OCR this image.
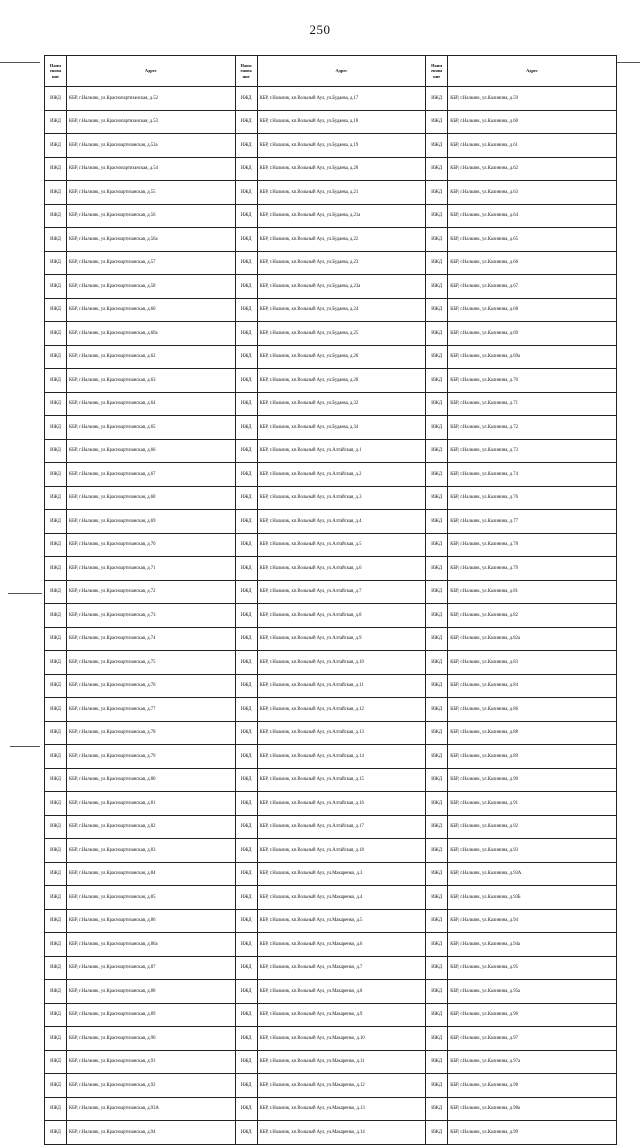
250
Наим енова ние	Адрес	Наим енова ние	Адрес	Наим енова ние	Адрес
ИЖД	КБР, г.Нальчик, ул.Краснопартизанская, д.52	ИЖД	КБР, г.Нальчик, кп.Вольный Аул, ул.Будаева, д.17	ИЖД	КБР, г.Нальчик, ул.Калинина, д.59
ИЖД	КБР, г.Нальчик, ул.Краснопартизанская, д.53	ИЖД	КБР, г.Нальчик, кп.Вольный Аул, ул.Будаева, д.18	ИЖД	КБР, г.Нальчик, ул.Калинина, д.60
ИЖД	КБР, г.Нальчик, ул.Красноартизанская, д.53а	ИЖД	КБР, г.Нальчик, кп.Вольный Аул, ул.Будаева, д.19	ИЖД	КБР, г.Нальчик, ул.Калинина, д.61
ИЖД	КБР, г.Нальчик, ул.Краснопартизанская, д.54	ИЖД	КБР, г.Нальчик, кп.Вольный Аул, ул.Будаева, д.20	ИЖД	КБР, г.Нальчик, ул.Калинина, д.62
ИЖД	КБР, г.Нальчик, ул.Красноартизанская, д.55	ИЖД	КБР, г.Нальчик, кп.Вольный Аул, ул.Будаева, д.21	ИЖД	КБР, г.Нальчик, ул.Калинина, д.63
ИЖД	КБР, г.Нальчик, ул.Красноартизанская, д.56	ИЖД	КБР, г.Нальчик, кп.Вольный Аул, ул.Будаева, д.21а	ИЖД	КБР, г.Нальчик, ул.Калинина, д.64
ИЖД	КБР, г.Нальчик, ул.Красноартизанская, д.56а	ИЖД	КБР, г.Нальчик, кп.Вольный Аул, ул.Будаева, д.22	ИЖД	КБР, г.Нальчик, ул.Калинина, д.65
ИЖД	КБР, г.Нальчик, ул.Красноартизанская, д.57	ИЖД	КБР, г.Нальчик, кп.Вольный Аул, ул.Будаева, д.23	ИЖД	КБР, г.Нальчик, ул.Калинина, д.66
ИЖД	КБР, г.Нальчик, ул.Красноартизанская, д.58	ИЖД	КБР, г.Нальчик, кп.Вольный Аул, ул.Будаева, д.23а	ИЖД	КБР, г.Нальчик, ул.Калинина, д.67
ИЖД	КБР, г.Нальчик, ул.Красноартизанская, д.60	ИЖД	КБР, г.Нальчик, кп.Вольный Аул, ул.Будаева, д.24	ИЖД	КБР, г.Нальчик, ул.Калинина, д.68
ИЖД	КБР, г.Нальчик, ул.Красноартизанская, д.60а	ИЖД	КБР, г.Нальчик, кп.Вольный Аул, ул.Будаева, д.25	ИЖД	КБР, г.Нальчик, ул.Калинина, д.69
ИЖД	КБР, г.Нальчик, ул.Красноартизанская, д.62	ИЖД	КБР, г.Нальчик, кп.Вольный Аул, ул.Будаева, д.26	ИЖД	КБР, г.Нальчик, ул.Калинина, д.69а
ИЖД	КБР, г.Нальчик, ул.Красноартизанская, д.63	ИЖД	КБР, г.Нальчик, кп.Вольный Аул, ул.Будаева, д.28	ИЖД	КБР, г.Нальчик, ул.Калинина, д.70
ИЖД	КБР, г.Нальчик, ул.Красноартизанская, д.64	ИЖД	КБР, г.Нальчик, кп.Вольный Аул, ул.Будаева, д.32	ИЖД	КБР, г.Нальчик, ул.Калинина, д.71
ИЖД	КБР, г.Нальчик, ул.Красноартизанская, д.65	ИЖД	КБР, г.Нальчик, кп.Вольный Аул, ул.Будаева, д.34	ИЖД	КБР, г.Нальчик, ул.Калинина, д.72
ИЖД	КБР, г.Нальчик, ул.Красноартизанская, д.66	ИЖД	КБР, г.Нальчик, кп.Вольный Аул, ул.Алтайская, д.1	ИЖД	КБР, г.Нальчик, ул.Калинина, д.73
ИЖД	КБР, г.Нальчик, ул.Красноартизанская, д.67	ИЖД	КБР, г.Нальчик, кп.Вольный Аул, ул.Алтайская, д.2	ИЖД	КБР, г.Нальчик, ул.Калинина, д.74
ИЖД	КБР, г.Нальчик, ул.Красноартизанская, д.68	ИЖД	КБР, г.Нальчик, кп.Вольный Аул, ул.Алтайская, д.3	ИЖД	КБР, г.Нальчик, ул.Калинина, д.76
ИЖД	КБР, г.Нальчик, ул.Красноартизанская, д.69	ИЖД	КБР, г.Нальчик, кп.Вольный Аул, ул.Алтайская, д.4	ИЖД	КБР, г.Нальчик, ул.Калинина, д.77
ИЖД	КБР, г.Нальчик, ул.Красноартизанская, д.70	ИЖД	КБР, г.Нальчик, кп.Вольный Аул, ул.Алтайская, д.5	ИЖД	КБР, г.Нальчик, ул.Калинина, д.78
ИЖД	КБР, г.Нальчик, ул.Красноартизанская, д.71	ИЖД	КБР, г.Нальчик, кп.Вольный Аул, ул.Алтайская, д.6	ИЖД	КБР, г.Нальчик, ул.Калинина, д.79
ИЖД	КБР, г.Нальчик, ул.Красноартизанская, д.72	ИЖД	КБР, г.Нальчик, кп.Вольный Аул, ул.Алтайская, д.7	ИЖД	КБР, г.Нальчик, ул.Калинина, д.81
ИЖД	КБР, г.Нальчик, ул.Красноартизанская, д.73	ИЖД	КБР, г.Нальчик, кп.Вольный Аул, ул.Алтайская, д.8	ИЖД	КБР, г.Нальчик, ул.Калинина, д.82
ИЖД	КБР, г.Нальчик, ул.Красноартизанская, д.74	ИЖД	КБР, г.Нальчик, кп.Вольный Аул, ул.Алтайская, д.9	ИЖД	КБР, г.Нальчик, ул.Калинина, д.82а
ИЖД	КБР, г.Нальчик, ул.Красноартизанская, д.75	ИЖД	КБР, г.Нальчик, кп.Вольный Аул, ул.Алтайская, д.10	ИЖД	КБР, г.Нальчик, ул.Калинина, д.83
ИЖД	КБР, г.Нальчик, ул.Красноартизанская, д.76	ИЖД	КБР, г.Нальчик, кп.Вольный Аул, ул.Алтайская, д.11	ИЖД	КБР, г.Нальчик, ул.Калинина, д.84
ИЖД	КБР, г.Нальчик, ул.Красноартизанская, д.77	ИЖД	КБР, г.Нальчик, кп.Вольный Аул, ул.Алтайская, д.12	ИЖД	КБР, г.Нальчик, ул.Калинина, д.86
ИЖД	КБР, г.Нальчик, ул.Красноартизанская, д.78	ИЖД	КБР, г.Нальчик, кп.Вольный Аул, ул.Алтайская, д.13	ИЖД	КБР, г.Нальчик, ул.Калинина, д.88
ИЖД	КБР, г.Нальчик, ул.Красноартизанская, д.79	ИЖД	КБР, г.Нальчик, кп.Вольный Аул, ул.Алтайская, д.14	ИЖД	КБР, г.Нальчик, ул.Калинина, д.89
ИЖД	КБР, г.Нальчик, ул.Красноартизанская, д.80	ИЖД	КБР, г.Нальчик, кп.Вольный Аул, ул.Алтайская, д.15	ИЖД	КБР, г.Нальчик, ул.Калинина, д.90
ИЖД	КБР, г.Нальчик, ул.Красноартизанская, д.81	ИЖД	КБР, г.Нальчик, кп.Вольный Аул, ул.Алтайская, д.16	ИЖД	КБР, г.Нальчик, ул.Калинина, д.91
ИЖД	КБР, г.Нальчик, ул.Красноартизанская, д.82	ИЖД	КБР, г.Нальчик, кп.Вольный Аул, ул.Алтайская, д.17	ИЖД	КБР, г.Нальчик, ул.Калинина, д.92
ИЖД	КБР, г.Нальчик, ул.Красноартизанская, д.83	ИЖД	КБР, г.Нальчик, кп.Вольный Аул, ул.Алтайская, д.18	ИЖД	КБР, г.Нальчик, ул.Калинина, д.93
ИЖД	КБР, г.Нальчик, ул.Красноартизанская, д.84	ИЖД	КБР, г.Нальчик, кп.Вольный Аул, ул.Макаренко, д.3	ИЖД	КБР, г.Нальчик, ул.Калинина, д.93А
ИЖД	КБР, г.Нальчик, ул.Красноартизанская, д.85	ИЖД	КБР, г.Нальчик, кп.Вольный Аул, ул.Макаренко, д.4	ИЖД	КБР, г.Нальчик, ул.Калинина, д.93Б
ИЖД	КБР, г.Нальчик, ул.Красноартизанская, д.86	ИЖД	КБР, г.Нальчик, кп.Вольный Аул, ул.Макаренко, д.5	ИЖД	КБР, г.Нальчик, ул.Калинина, д.94
ИЖД	КБР, г.Нальчик, ул.Красноартизанская, д.86а	ИЖД	КБР, г.Нальчик, кп.Вольный Аул, ул.Макаренко, д.6	ИЖД	КБР, г.Нальчик, ул.Калинина, д.94а
ИЖД	КБР, г.Нальчик, ул.Красноартизанская, д.87	ИЖД	КБР, г.Нальчик, кп.Вольный Аул, ул.Макаренко, д.7	ИЖД	КБР, г.Нальчик, ул.Калинина, д.95
ИЖД	КБР, г.Нальчик, ул.Красноартизанская, д.88	ИЖД	КБР, г.Нальчик, кп.Вольный Аул, ул.Макаренко, д.8	ИЖД	КБР, г.Нальчик, ул.Калинина, д.95а
ИЖД	КБР, г.Нальчик, ул.Красноартизанская, д.89	ИЖД	КБР, г.Нальчик, кп.Вольный Аул, ул.Макаренко, д.9	ИЖД	КБР, г.Нальчик, ул.Калинина, д.96
ИЖД	КБР, г.Нальчик, ул.Красноартизанская, д.90	ИЖД	КБР, г.Нальчик, кп.Вольный Аул, ул.Макаренко, д.10	ИЖД	КБР, г.Нальчик, ул.Калинина, д.97
ИЖД	КБР, г.Нальчик, ул.Красноартизанская, д.91	ИЖД	КБР, г.Нальчик, кп.Вольный Аул, ул.Макаренко, д.11	ИЖД	КБР, г.Нальчик, ул.Калинина, д.97а
ИЖД	КБР, г.Нальчик, ул.Красноартизанская, д.92	ИЖД	КБР, г.Нальчик, кп.Вольный Аул, ул.Макаренко, д.12	ИЖД	КБР, г.Нальчик, ул.Калинина, д.98
ИЖД	КБР, г.Нальчик, ул.Красноартизанская, д.93А	ИЖД	КБР, г.Нальчик, кп.Вольный Аул, ул.Макаренко, д.13	ИЖД	КБР, г.Нальчик, ул.Калинина, д.98а
ИЖД	КБР, г.Нальчик, ул.Красноартизанская, д.94	ИЖД	КБР, г.Нальчик, кп.Вольный Аул, ул.Макаренко, д.14	ИЖД	КБР, г.Нальчик, ул.Калинина, д.99
